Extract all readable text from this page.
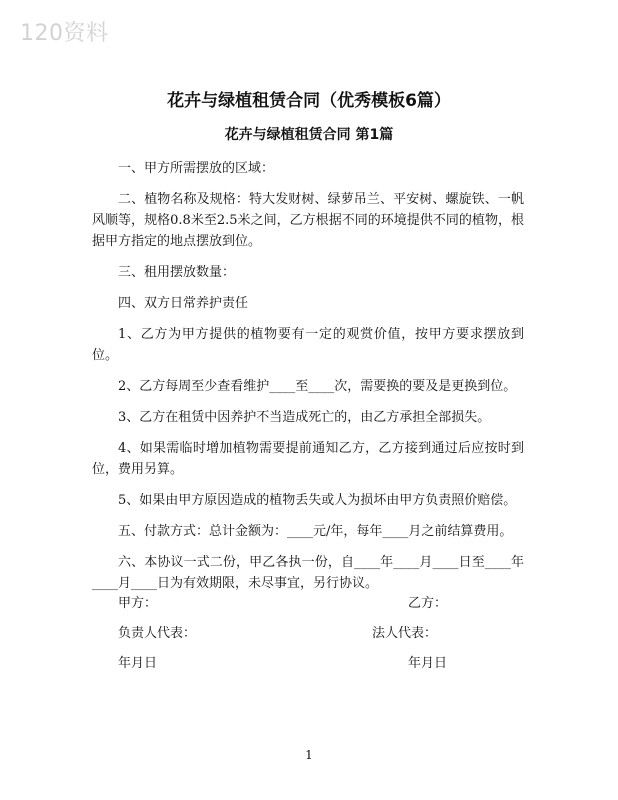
120资料
花卉与绿植租赁合同（优秀模板6篇）
花卉与绿植租赁合同 第1篇

一、甲方所需摆放的区域：

二、植物名称及规格：特大发财树、绿萝吊兰、平安树、螺旋铁、一帆风顺等，规格0.8米至2.5米之间，乙方根据不同的环境提供不同的植物，根据甲方指定的地点摆放到位。

三、租用摆放数量：

四、双方日常养护责任

1、乙方为甲方提供的植物要有一定的观赏价值，按甲方要求摆放到位。

2、乙方每周至少查看维护____至____次，需要换的要及是更换到位。

3、乙方在租赁中因养护不当造成死亡的，由乙方承担全部损失。

4、如果需临时增加植物需要提前通知乙方，乙方接到通过后应按时到位，费用另算。

5、如果由甲方原因造成的植物丢失或人为损坏由甲方负责照价赔偿。

五、付款方式：总计金额为：____元/年，每年____月之前结算费用。

六、本协议一式二份，甲乙各执一份，自____年____月____日至____年____月____日为有效期限，未尽事宜，另行协议。

甲方：	乙方：
负责人代表：	法人代表：
年月日	年月日
1
